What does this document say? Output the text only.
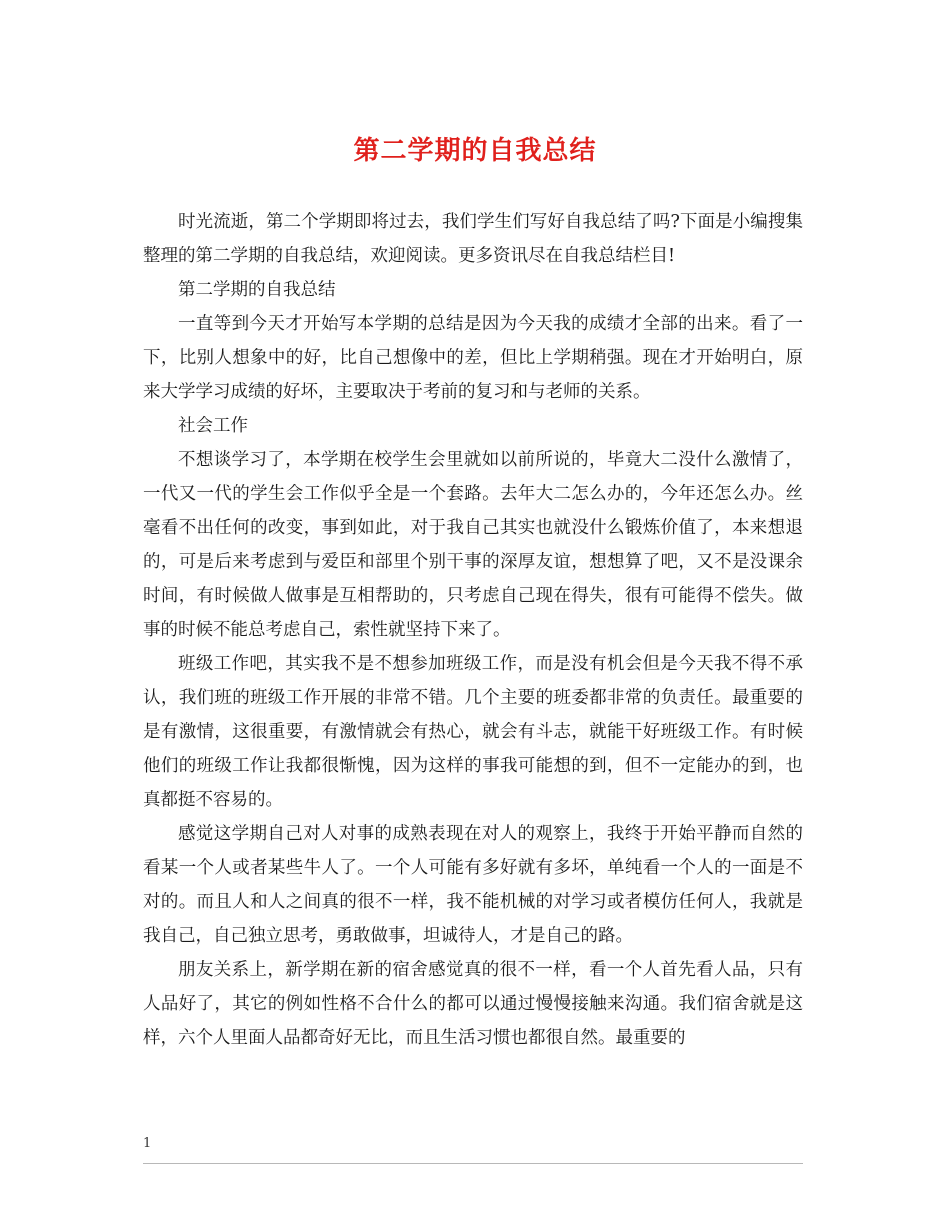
第二学期的自我总结

时光流逝，第二个学期即将过去，我们学生们写好自我总结了吗?下面是小编搜集整理的第二学期的自我总结，欢迎阅读。更多资讯尽在自我总结栏目!

第二学期的自我总结

一直等到今天才开始写本学期的总结是因为今天我的成绩才全部的出来。看了一下，比别人想象中的好，比自己想像中的差，但比上学期稍强。现在才开始明白，原来大学学习成绩的好坏，主要取决于考前的复习和与老师的关系。

社会工作

不想谈学习了，本学期在校学生会里就如以前所说的，毕竟大二没什么激情了，一代又一代的学生会工作似乎全是一个套路。去年大二怎么办的，今年还怎么办。丝毫看不出任何的改变，事到如此，对于我自己其实也就没什么锻炼价值了，本来想退的，可是后来考虑到与爱臣和部里个别干事的深厚友谊，想想算了吧，又不是没课余时间，有时候做人做事是互相帮助的，只考虑自己现在得失，很有可能得不偿失。做事的时候不能总考虑自己，索性就坚持下来了。

班级工作吧，其实我不是不想参加班级工作，而是没有机会但是今天我不得不承认，我们班的班级工作开展的非常不错。几个主要的班委都非常的负责任。最重要的是有激情，这很重要，有激情就会有热心，就会有斗志，就能干好班级工作。有时候他们的班级工作让我都很惭愧，因为这样的事我可能想的到，但不一定能办的到，也真都挺不容易的。

感觉这学期自己对人对事的成熟表现在对人的观察上，我终于开始平静而自然的看某一个人或者某些牛人了。一个人可能有多好就有多坏，单纯看一个人的一面是不对的。而且人和人之间真的很不一样，我不能机械的对学习或者模仿任何人，我就是我自己，自己独立思考，勇敢做事，坦诚待人，才是自己的路。

朋友关系上，新学期在新的宿舍感觉真的很不一样，看一个人首先看人品，只有人品好了，其它的例如性格不合什么的都可以通过慢慢接触来沟通。我们宿舍就是这样，六个人里面人品都奇好无比，而且生活习惯也都很自然。最重要的

1
